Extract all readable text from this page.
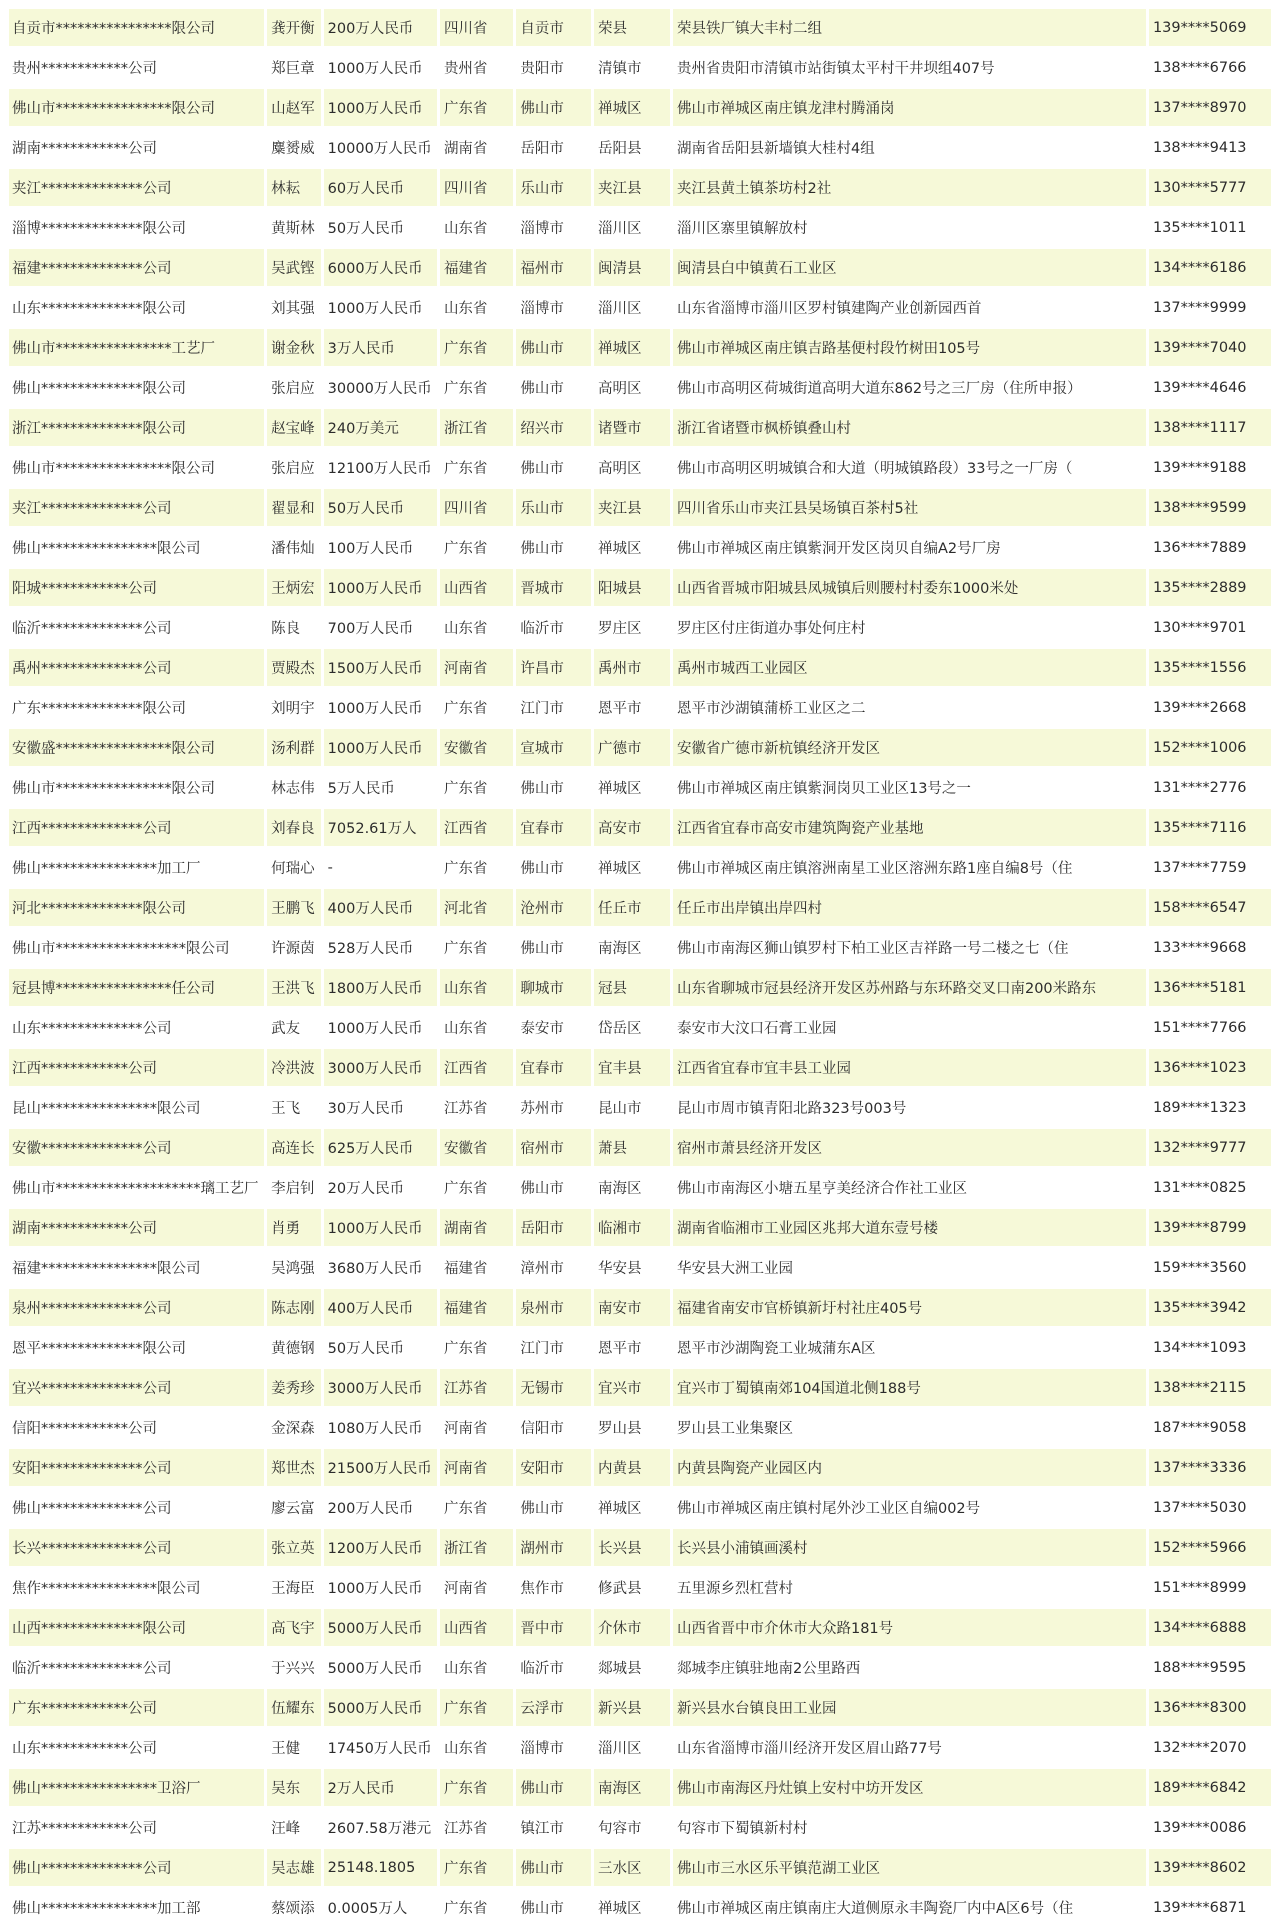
自贡市****************限公司	龚开衡	200万人民币	四川省	自贡市	荣县	荣县铁厂镇大丰村二组	139****5069
贵州************公司	郑巨章	1000万人民币	贵州省	贵阳市	清镇市	贵州省贵阳市清镇市站街镇太平村干井坝组407号	138****6766
佛山市****************限公司	山赵军	1000万人民币	广东省	佛山市	禅城区	佛山市禅城区南庄镇龙津村腾涌岗	137****8970
湖南************公司	麋赟威	10000万人民币	湖南省	岳阳市	岳阳县	湖南省岳阳县新墙镇大桂村4组	138****9413
夹江**************公司	林耘	60万人民币	四川省	乐山市	夹江县	夹江县黄土镇茶坊村2社	130****5777
淄博**************限公司	黄斯林	50万人民币	山东省	淄博市	淄川区	淄川区寨里镇解放村	135****1011
福建**************公司	吴武铿	6000万人民币	福建省	福州市	闽清县	闽清县白中镇黄石工业区	134****6186
山东**************限公司	刘其强	1000万人民币	山东省	淄博市	淄川区	山东省淄博市淄川区罗村镇建陶产业创新园西首	137****9999
佛山市****************工艺厂	谢金秋	3万人民币	广东省	佛山市	禅城区	佛山市禅城区南庄镇吉路基便村段竹树田105号	139****7040
佛山**************限公司	张启应	30000万人民币	广东省	佛山市	高明区	佛山市高明区荷城街道高明大道东862号之三厂房（住所申报）	139****4646
浙江**************限公司	赵宝峰	240万美元	浙江省	绍兴市	诸暨市	浙江省诸暨市枫桥镇叠山村	138****1117
佛山市****************限公司	张启应	12100万人民币	广东省	佛山市	高明区	佛山市高明区明城镇合和大道（明城镇路段）33号之一厂房（	139****9188
夹江**************公司	翟显和	50万人民币	四川省	乐山市	夹江县	四川省乐山市夹江县吴场镇百茶村5社	138****9599
佛山****************限公司	潘伟灿	100万人民币	广东省	佛山市	禅城区	佛山市禅城区南庄镇紫洞开发区岗贝自编A2号厂房	136****7889
阳城************公司	王炳宏	1000万人民币	山西省	晋城市	阳城县	山西省晋城市阳城县凤城镇后则腰村村委东1000米处	135****2889
临沂**************公司	陈良	700万人民币	山东省	临沂市	罗庄区	罗庄区付庄街道办事处何庄村	130****9701
禹州**************公司	贾殿杰	1500万人民币	河南省	许昌市	禹州市	禹州市城西工业园区	135****1556
广东**************限公司	刘明宇	1000万人民币	广东省	江门市	恩平市	恩平市沙湖镇蒲桥工业区之二	139****2668
安徽盛****************限公司	汤利群	1000万人民币	安徽省	宣城市	广德市	安徽省广德市新杭镇经济开发区	152****1006
佛山市****************限公司	林志伟	5万人民币	广东省	佛山市	禅城区	佛山市禅城区南庄镇紫洞岗贝工业区13号之一	131****2776
江西**************公司	刘春良	7052.61万人	江西省	宜春市	高安市	江西省宜春市高安市建筑陶瓷产业基地	135****7116
佛山****************加工厂	何瑞心	-	广东省	佛山市	禅城区	佛山市禅城区南庄镇溶洲南星工业区溶洲东路1座自编8号（住	137****7759
河北**************限公司	王鹏飞	400万人民币	河北省	沧州市	任丘市	任丘市出岸镇出岸四村	158****6547
佛山市******************限公司	许源茵	528万人民币	广东省	佛山市	南海区	佛山市南海区狮山镇罗村下柏工业区吉祥路一号二楼之七（住	133****9668
冠县博****************任公司	王洪飞	1800万人民币	山东省	聊城市	冠县	山东省聊城市冠县经济开发区苏州路与东环路交叉口南200米路东	136****5181
山东**************公司	武友	1000万人民币	山东省	泰安市	岱岳区	泰安市大汶口石膏工业园	151****7766
江西************公司	冷洪波	3000万人民币	江西省	宜春市	宜丰县	江西省宜春市宜丰县工业园	136****1023
昆山****************限公司	王飞	30万人民币	江苏省	苏州市	昆山市	昆山市周市镇青阳北路323号003号	189****1323
安徽**************公司	高连长	625万人民币	安徽省	宿州市	萧县	宿州市萧县经济开发区	132****9777
佛山市********************璃工艺厂	李启钊	20万人民币	广东省	佛山市	南海区	佛山市南海区小塘五星亨美经济合作社工业区	131****0825
湖南************公司	肖勇	1000万人民币	湖南省	岳阳市	临湘市	湖南省临湘市工业园区兆邦大道东壹号楼	139****8799
福建****************限公司	吴鸿强	3680万人民币	福建省	漳州市	华安县	华安县大洲工业园	159****3560
泉州**************公司	陈志刚	400万人民币	福建省	泉州市	南安市	福建省南安市官桥镇新圩村社庄405号	135****3942
恩平**************限公司	黄德钢	50万人民币	广东省	江门市	恩平市	恩平市沙湖陶瓷工业城蒲东A区	134****1093
宜兴**************公司	姜秀珍	3000万人民币	江苏省	无锡市	宜兴市	宜兴市丁蜀镇南郊104国道北侧188号	138****2115
信阳************公司	金深森	1080万人民币	河南省	信阳市	罗山县	罗山县工业集聚区	187****9058
安阳**************公司	郑世杰	21500万人民币	河南省	安阳市	内黄县	内黄县陶瓷产业园区内	137****3336
佛山**************公司	廖云富	200万人民币	广东省	佛山市	禅城区	佛山市禅城区南庄镇村尾外沙工业区自编002号	137****5030
长兴**************公司	张立英	1200万人民币	浙江省	湖州市	长兴县	长兴县小浦镇画溪村	152****5966
焦作****************限公司	王海臣	1000万人民币	河南省	焦作市	修武县	五里源乡烈杠营村	151****8999
山西**************限公司	高飞宇	5000万人民币	山西省	晋中市	介休市	山西省晋中市介休市大众路181号	134****6888
临沂**************公司	于兴兴	5000万人民币	山东省	临沂市	郯城县	郯城李庄镇驻地南2公里路西	188****9595
广东************公司	伍耀东	5000万人民币	广东省	云浮市	新兴县	新兴县水台镇良田工业园	136****8300
山东************公司	王健	17450万人民币	山东省	淄博市	淄川区	山东省淄博市淄川经济开发区眉山路77号	132****2070
佛山****************卫浴厂	吴东	2万人民币	广东省	佛山市	南海区	佛山市南海区丹灶镇上安村中坊开发区	189****6842
江苏************公司	汪峰	2607.58万港元	江苏省	镇江市	句容市	句容市下蜀镇新村村	139****0086
佛山**************公司	吴志雄	25148.1805	广东省	佛山市	三水区	佛山市三水区乐平镇范湖工业区	139****8602
佛山****************加工部	蔡颂添	0.0005万人	广东省	佛山市	禅城区	佛山市禅城区南庄镇南庄大道侧原永丰陶瓷厂内中A区6号（住	139****6871
